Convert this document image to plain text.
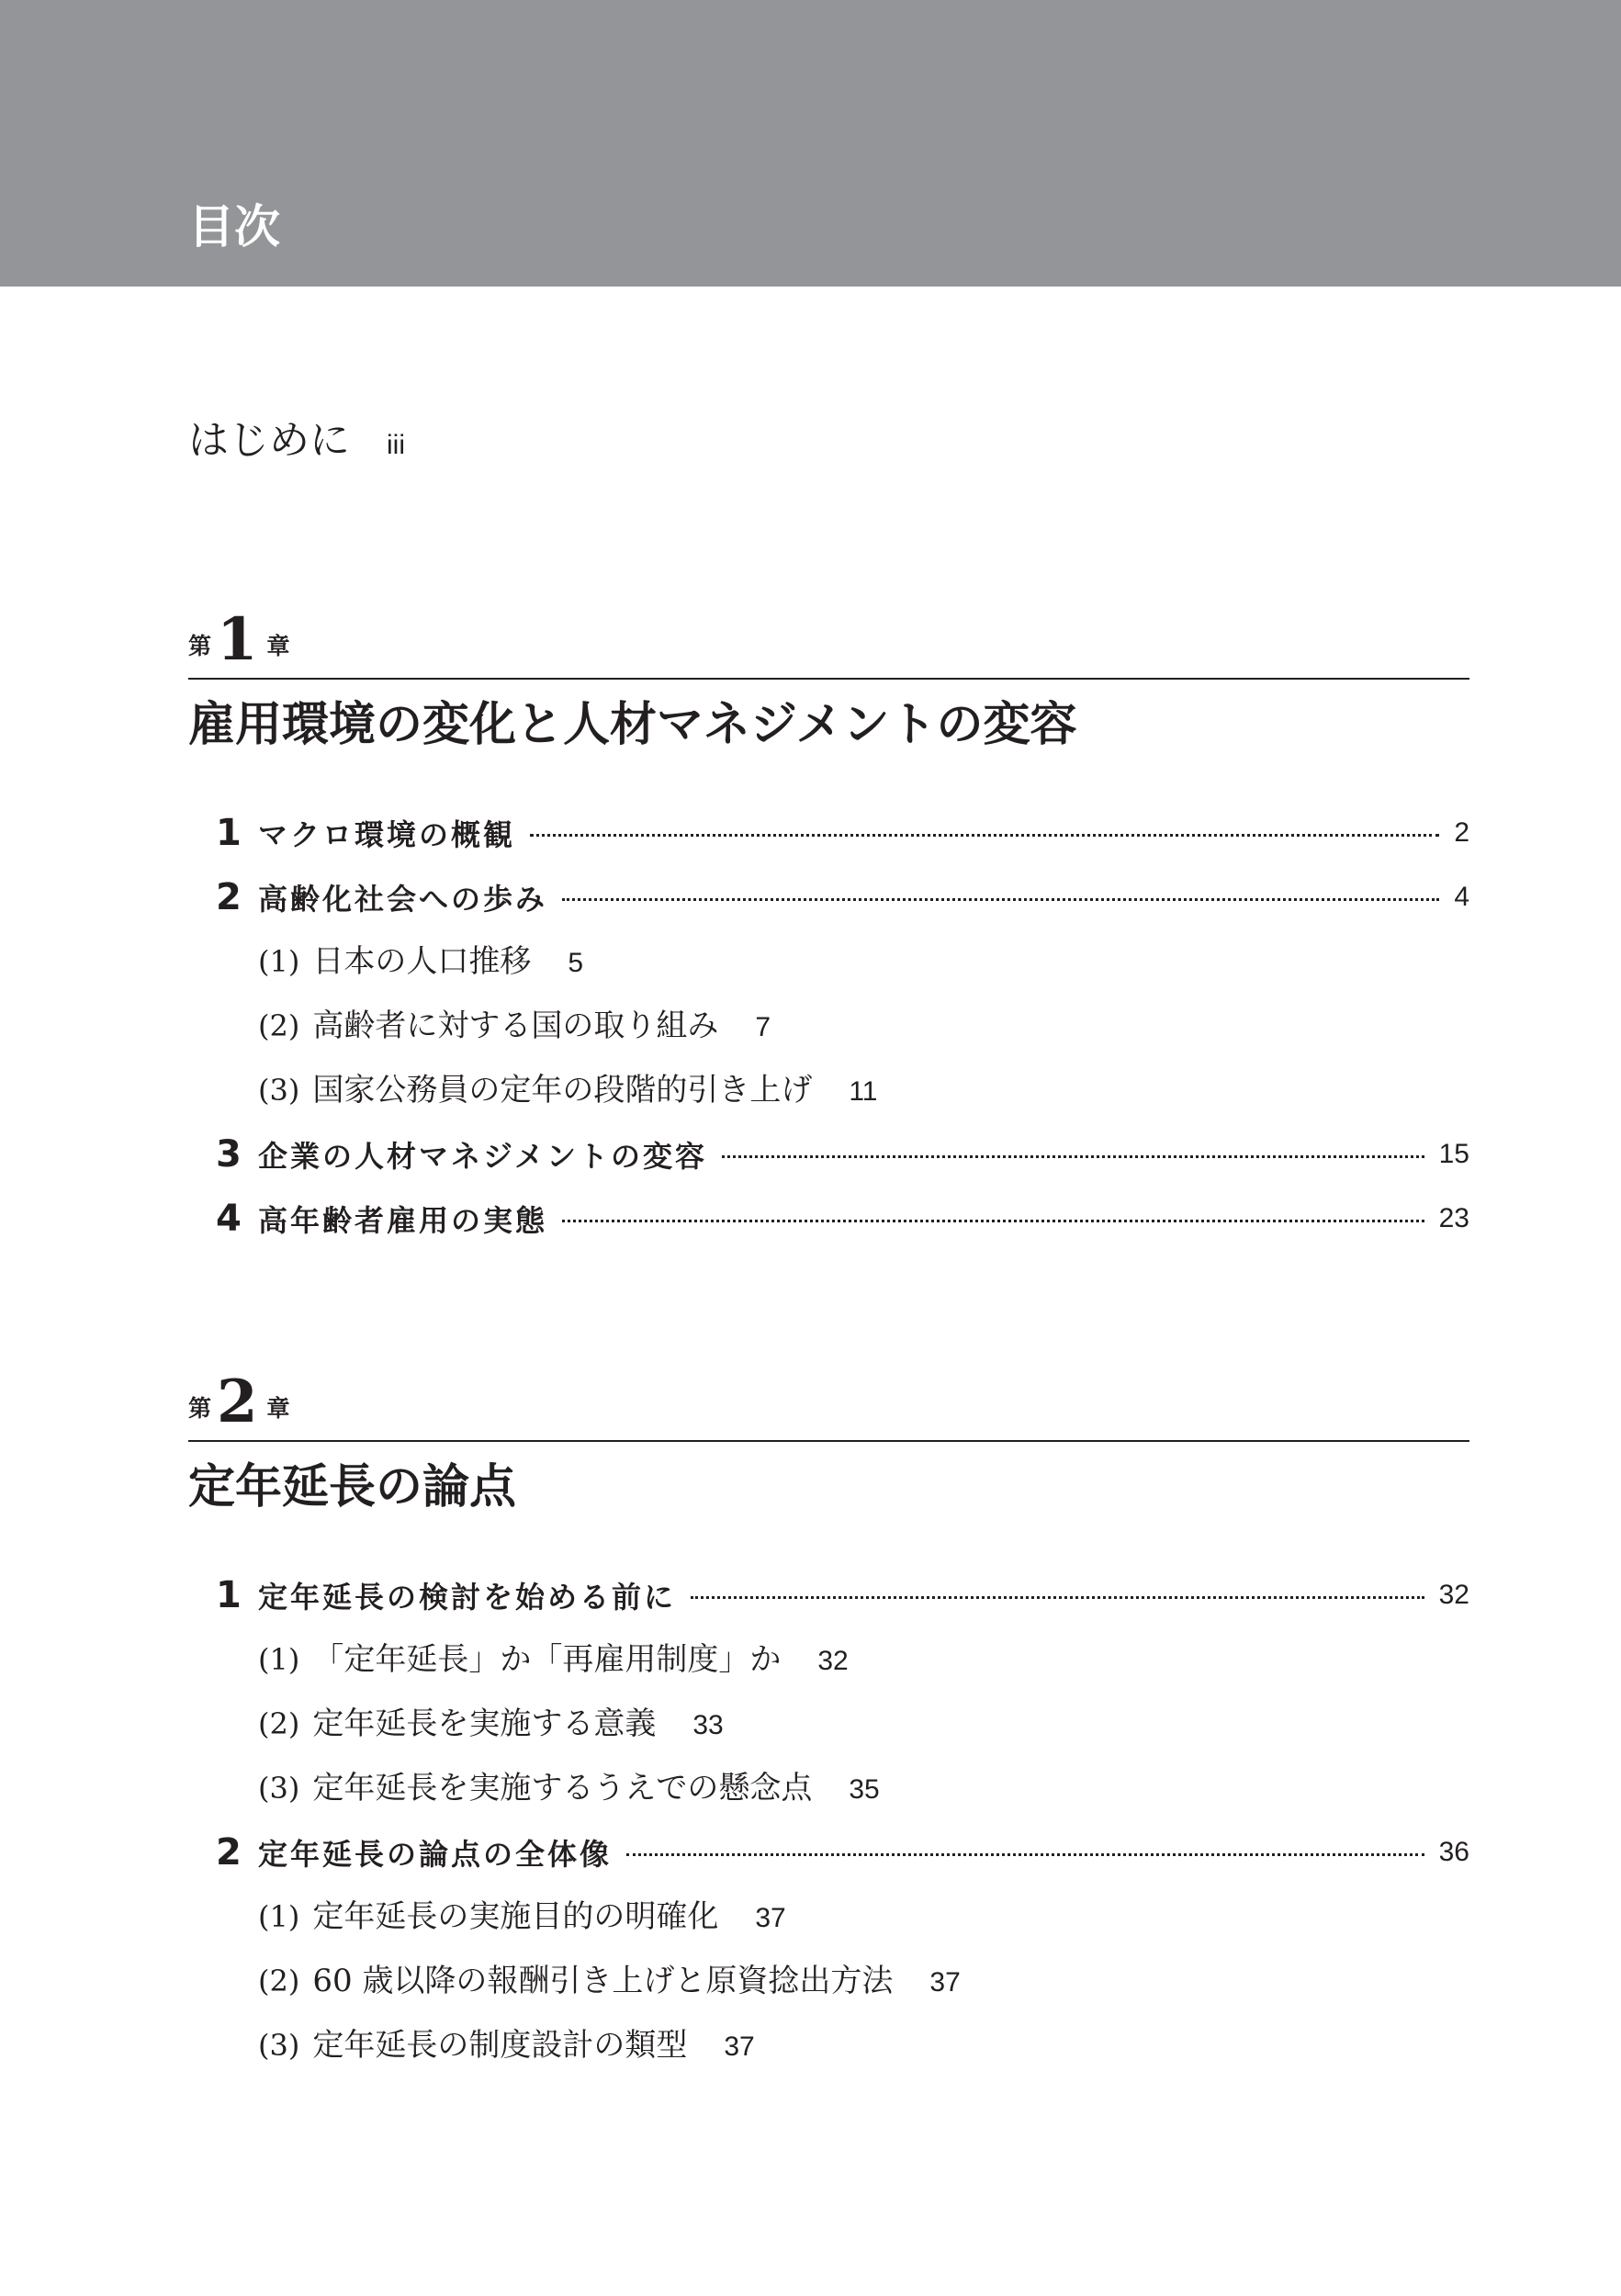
目次
はじめに iii
第 1 章
雇用環境の変化と人材マネジメントの変容
1 マクロ環境の概観	2
2 高齢化社会への歩み	4
(1) 日本の人口推移 5
(2) 高齢者に対する国の取り組み 7
(3) 国家公務員の定年の段階的引き上げ 11
3 企業の人材マネジメントの変容	15
4 高年齢者雇用の実態	23
第 2 章
定年延長の論点
1 定年延長の検討を始める前に	32
(1) 「定年延長」か「再雇用制度」か 32
(2) 定年延長を実施する意義 33
(3) 定年延長を実施するうえでの懸念点 35
2 定年延長の論点の全体像	36
(1) 定年延長の実施目的の明確化 37
(2) 60 歳以降の報酬引き上げと原資捻出方法 37
(3) 定年延長の制度設計の類型 37
